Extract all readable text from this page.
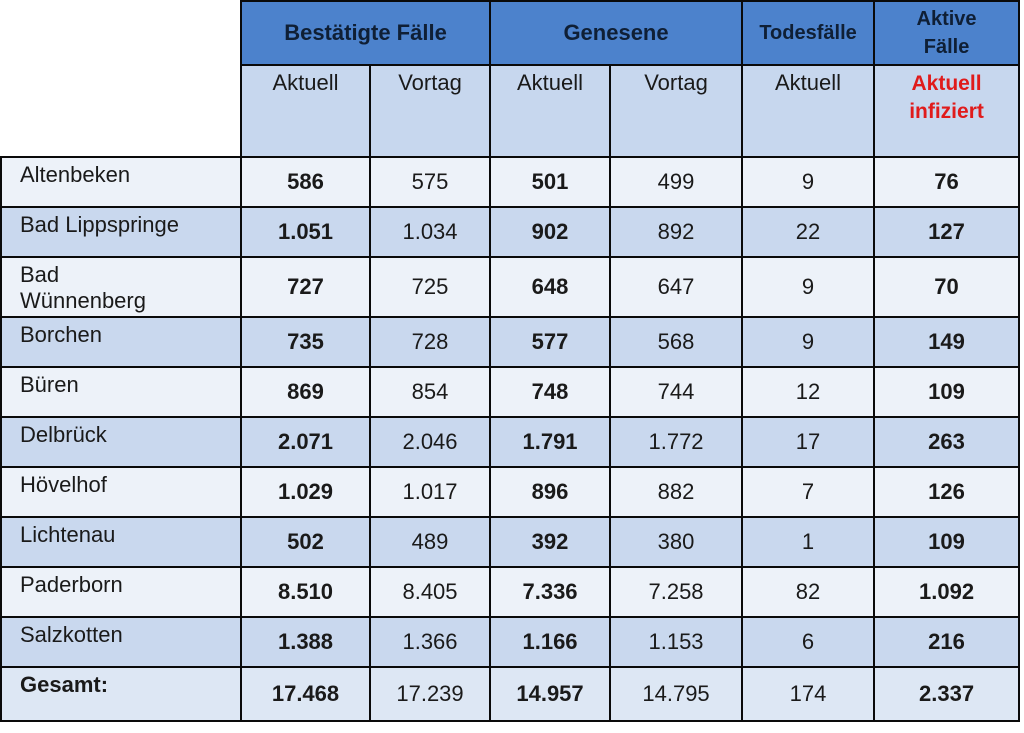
	Bestätigte Fälle		Genesene		Todesfälle	Aktive
Fälle
	Aktuell	Vortag	Aktuell	Vortag	Aktuell	Aktuell
infiziert
Altenbeken	586	575	501	499	9	76
Bad Lippspringe	1.051	1.034	902	892	22	127
Bad
Wünnenberg	727	725	648	647	9	70
Borchen	735	728	577	568	9	149
Büren	869	854	748	744	12	109
Delbrück	2.071	2.046	1.791	1.772	17	263
Hövelhof	1.029	1.017	896	882	7	126
Lichtenau	502	489	392	380	1	109
Paderborn	8.510	8.405	7.336	7.258	82	1.092
Salzkotten	1.388	1.366	1.166	1.153	6	216
Gesamt:	17.468	17.239	14.957	14.795	174	2.337
